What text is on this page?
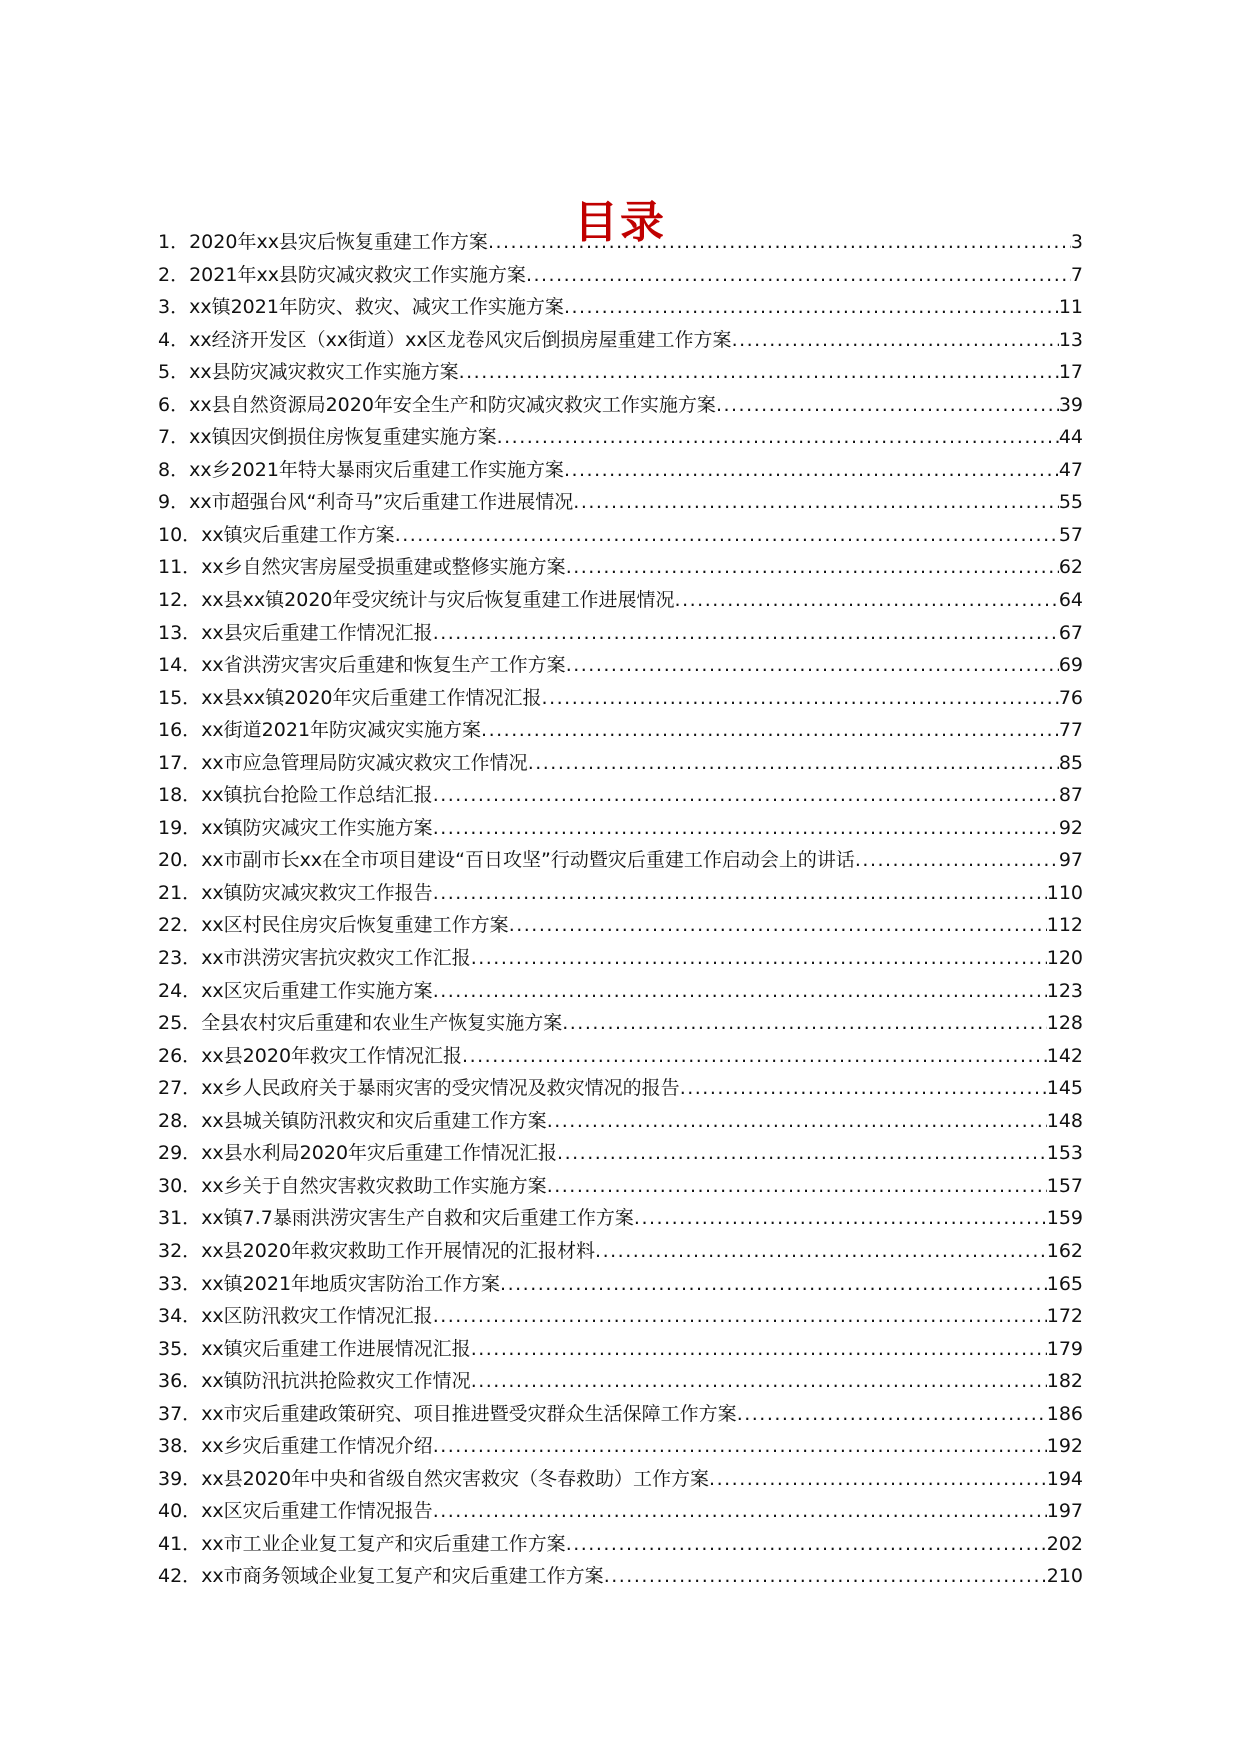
目录
1． 2020年xx县灾后恢复重建工作方案 .....	3
2． 2021年xx县防灾减灾救灾工作实施方案 .....	7
3． xx镇2021年防灾、救灾、减灾工作实施方案 .....	11
4． xx经济开发区（xx街道）xx区龙卷风灾后倒损房屋重建工作方案 .....	13
5． xx县防灾减灾救灾工作实施方案 .....	17
6． xx县自然资源局2020年安全生产和防灾减灾救灾工作实施方案 .....	39
7． xx镇因灾倒损住房恢复重建实施方案 .....	44
8． xx乡2021年特大暴雨灾后重建工作实施方案 .....	47
9． xx市超强台风“利奇马”灾后重建工作进展情况 .....	55
10． xx镇灾后重建工作方案 .....	57
11． xx乡自然灾害房屋受损重建或整修实施方案 .....	62
12． xx县xx镇2020年受灾统计与灾后恢复重建工作进展情况 .....	64
13． xx县灾后重建工作情况汇报 .....	67
14． xx省洪涝灾害灾后重建和恢复生产工作方案 .....	69
15． xx县xx镇2020年灾后重建工作情况汇报 .....	76
16． xx街道2021年防灾减灾实施方案 .....	77
17． xx市应急管理局防灾减灾救灾工作情况 .....	85
18． xx镇抗台抢险工作总结汇报 .....	87
19． xx镇防灾减灾工作实施方案 .....	92
20． xx市副市长xx在全市项目建设“百日攻坚”行动暨灾后重建工作启动会上的讲话 .....	97
21． xx镇防灾减灾救灾工作报告 .....	110
22． xx区村民住房灾后恢复重建工作方案 .....	112
23． xx市洪涝灾害抗灾救灾工作汇报 .....	120
24． xx区灾后重建工作实施方案 .....	123
25． 全县农村灾后重建和农业生产恢复实施方案 .....	128
26． xx县2020年救灾工作情况汇报 .....	142
27． xx乡人民政府关于暴雨灾害的受灾情况及救灾情况的报告 .....	145
28． xx县城关镇防汛救灾和灾后重建工作方案 .....	148
29． xx县水利局2020年灾后重建工作情况汇报 .....	153
30． xx乡关于自然灾害救灾救助工作实施方案 .....	157
31． xx镇7.7暴雨洪涝灾害生产自救和灾后重建工作方案 .....	159
32． xx县2020年救灾救助工作开展情况的汇报材料 .....	162
33． xx镇2021年地质灾害防治工作方案 .....	165
34． xx区防汛救灾工作情况汇报 .....	172
35． xx镇灾后重建工作进展情况汇报 .....	179
36． xx镇防汛抗洪抢险救灾工作情况 .....	182
37． xx市灾后重建政策研究、项目推进暨受灾群众生活保障工作方案 .....	186
38． xx乡灾后重建工作情况介绍 .....	192
39． xx县2020年中央和省级自然灾害救灾（冬春救助）工作方案 .....	194
40． xx区灾后重建工作情况报告 .....	197
41． xx市工业企业复工复产和灾后重建工作方案 .....	202
42． xx市商务领域企业复工复产和灾后重建工作方案 .....	210
